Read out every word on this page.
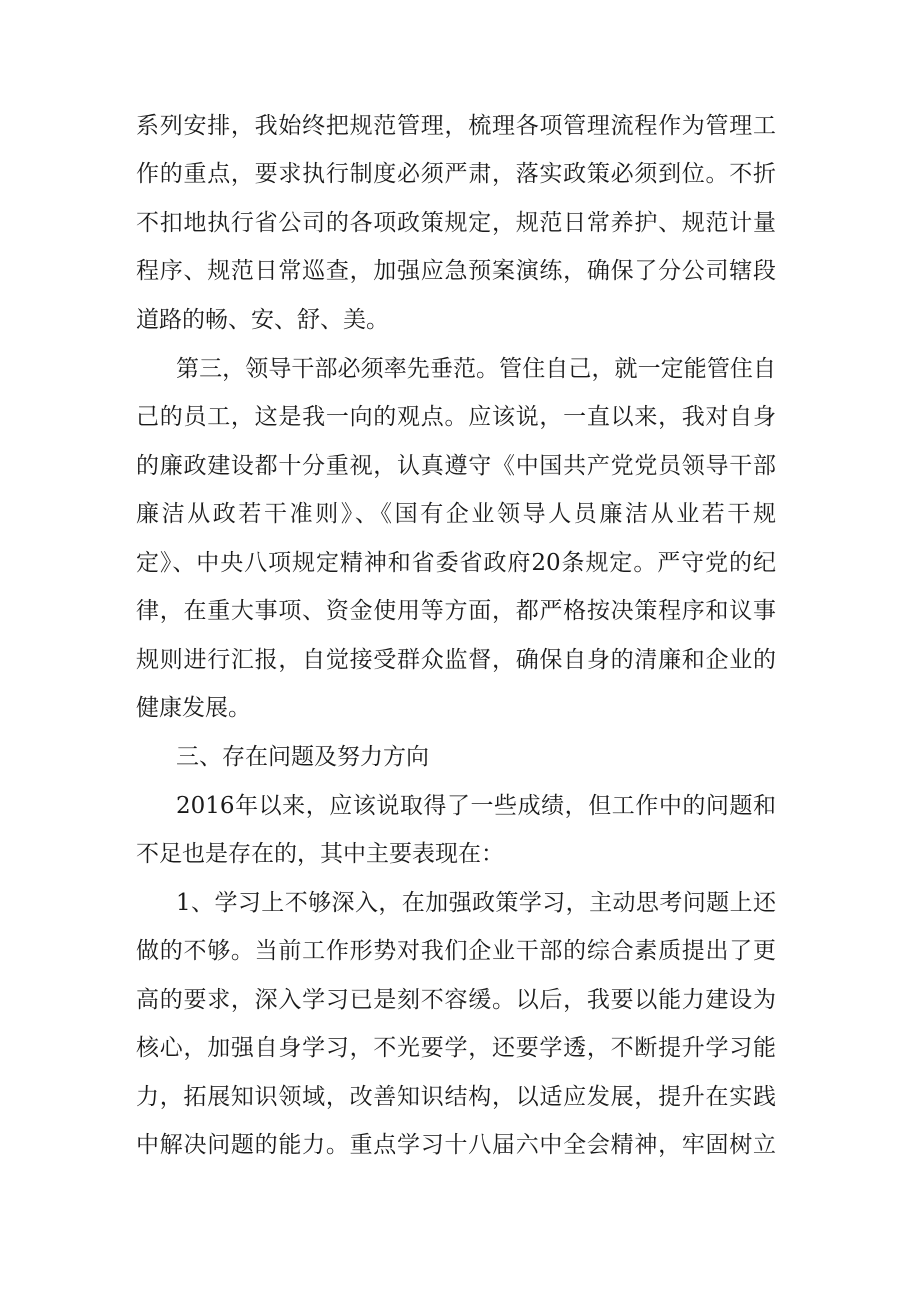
系列安排，我始终把规范管理，梳理各项管理流程作为管理工
作的重点，要求执行制度必须严肃，落实政策必须到位。不折
不扣地执行省公司的各项政策规定，规范日常养护、规范计量
程序、规范日常巡查，加强应急预案演练，确保了分公司辖段
道路的畅、安、舒、美。
第三，领导干部必须率先垂范。管住自己，就一定能管住自
己的员工，这是我一向的观点。应该说，一直以来，我对自身
的廉政建设都十分重视，认真遵守《中国共产党党员领导干部
廉洁从政若干准则》、《国有企业领导人员廉洁从业若干规
定》、中央八项规定精神和省委省政府20条规定。严守党的纪
律，在重大事项、资金使用等方面，都严格按决策程序和议事
规则进行汇报，自觉接受群众监督，确保自身的清廉和企业的
健康发展。
三、存在问题及努力方向
2016年以来，应该说取得了一些成绩，但工作中的问题和
不足也是存在的，其中主要表现在：
1、学习上不够深入，在加强政策学习，主动思考问题上还
做的不够。当前工作形势对我们企业干部的综合素质提出了更
高的要求，深入学习已是刻不容缓。以后，我要以能力建设为
核心，加强自身学习，不光要学，还要学透，不断提升学习能
力，拓展知识领域，改善知识结构，以适应发展，提升在实践
中解决问题的能力。重点学习十八届六中全会精神，牢固树立
